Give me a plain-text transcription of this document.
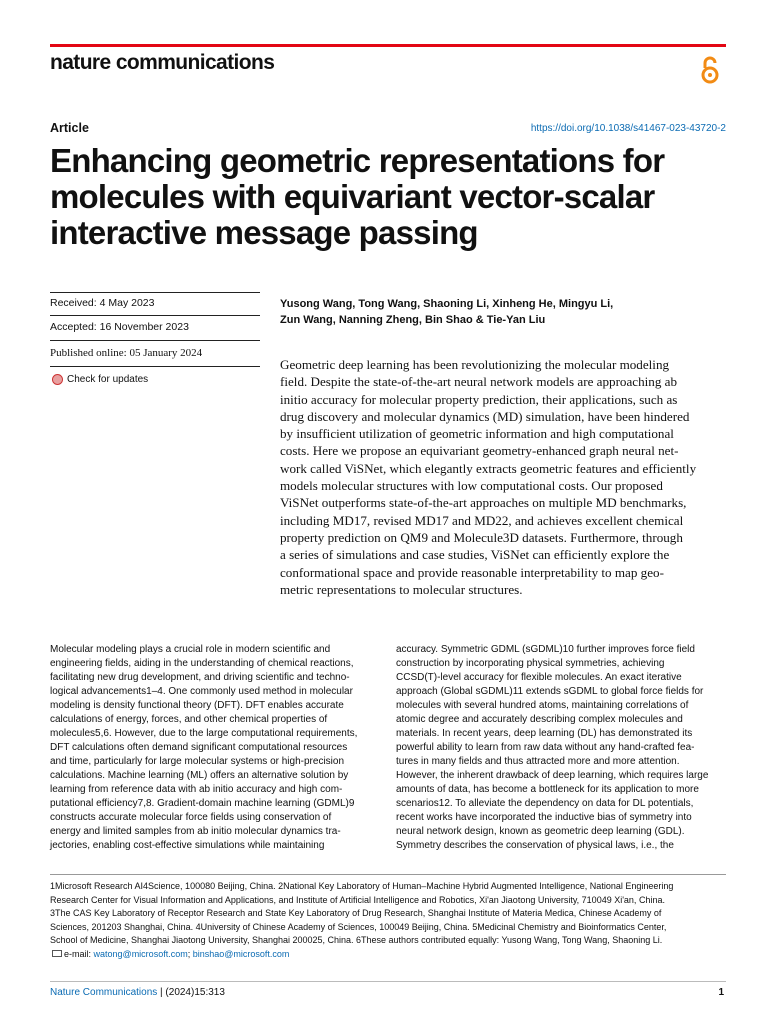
nature communications
Article	https://doi.org/10.1038/s41467-023-43720-2
Enhancing geometric representations for molecules with equivariant vector-scalar interactive message passing
Received: 4 May 2023
Accepted: 16 November 2023
Published online: 05 January 2024
Check for updates
Yusong Wang, Tong Wang, Shaoning Li, Xinheng He, Mingyu Li,
Zun Wang, Nanning Zheng, Bin Shao & Tie-Yan Liu
Geometric deep learning has been revolutionizing the molecular modeling
field. Despite the state-of-the-art neural network models are approaching ab
initio accuracy for molecular property prediction, their applications, such as
drug discovery and molecular dynamics (MD) simulation, have been hindered
by insufficient utilization of geometric information and high computational
costs. Here we propose an equivariant geometry-enhanced graph neural net-
work called ViSNet, which elegantly extracts geometric features and efficiently
models molecular structures with low computational costs. Our proposed
ViSNet outperforms state-of-the-art approaches on multiple MD benchmarks,
including MD17, revised MD17 and MD22, and achieves excellent chemical
property prediction on QM9 and Molecule3D datasets. Furthermore, through
a series of simulations and case studies, ViSNet can efficiently explore the
conformational space and provide reasonable interpretability to map geo-
metric representations to molecular structures.
Molecular modeling plays a crucial role in modern scientific and
engineering fields, aiding in the understanding of chemical reactions,
facilitating new drug development, and driving scientific and techno-
logical advancements1–4. One commonly used method in molecular
modeling is density functional theory (DFT). DFT enables accurate
calculations of energy, forces, and other chemical properties of
molecules5,6. However, due to the large computational requirements,
DFT calculations often demand significant computational resources
and time, particularly for large molecular systems or high-precision
calculations. Machine learning (ML) offers an alternative solution by
learning from reference data with ab initio accuracy and high com-
putational efficiency7,8. Gradient-domain machine learning (GDML)9
constructs accurate molecular force fields using conservation of
energy and limited samples from ab initio molecular dynamics tra-
jectories, enabling cost-effective simulations while maintaining
accuracy. Symmetric GDML (sGDML)10 further improves force field
construction by incorporating physical symmetries, achieving
CCSD(T)-level accuracy for flexible molecules. An exact iterative
approach (Global sGDML)11 extends sGDML to global force fields for
molecules with several hundred atoms, maintaining correlations of
atomic degree and accurately describing complex molecules and
materials. In recent years, deep learning (DL) has demonstrated its
powerful ability to learn from raw data without any hand-crafted fea-
tures in many fields and thus attracted more and more attention.
However, the inherent drawback of deep learning, which requires large
amounts of data, has become a bottleneck for its application to more
scenarios12. To alleviate the dependency on data for DL potentials,
recent works have incorporated the inductive bias of symmetry into
neural network design, known as geometric deep learning (GDL).
Symmetry describes the conservation of physical laws, i.e., the
1Microsoft Research AI4Science, 100080 Beijing, China. 2National Key Laboratory of Human–Machine Hybrid Augmented Intelligence, National Engineering
Research Center for Visual Information and Applications, and Institute of Artificial Intelligence and Robotics, Xi'an Jiaotong University, 710049 Xi'an, China.
3The CAS Key Laboratory of Receptor Research and State Key Laboratory of Drug Research, Shanghai Institute of Materia Medica, Chinese Academy of
Sciences, 201203 Shanghai, China. 4University of Chinese Academy of Sciences, 100049 Beijing, China. 5Medicinal Chemistry and Bioinformatics Center,
School of Medicine, Shanghai Jiaotong University, Shanghai 200025, China. 6These authors contributed equally: Yusong Wang, Tong Wang, Shaoning Li.
e-mail: watong@microsoft.com; binshao@microsoft.com
Nature Communications | (2024)15:313	1
